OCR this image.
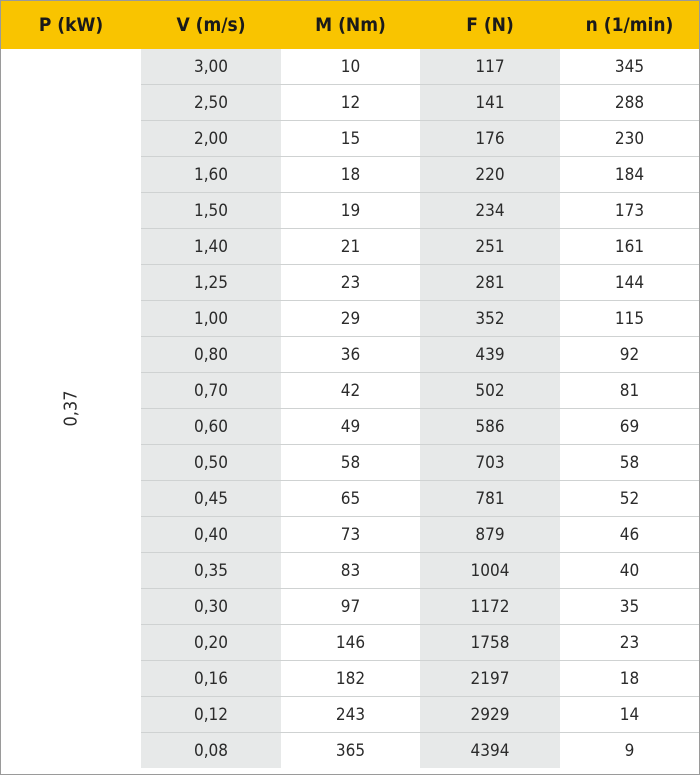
P (kW)	V (m/s)	M (Nm)	F (N)	n (1/min)
0,37	3,00	10	117	345
	2,50	12	141	288
	2,00	15	176	230
	1,60	18	220	184
	1,50	19	234	173
	1,40	21	251	161
	1,25	23	281	144
	1,00	29	352	115
	0,80	36	439	92
	0,70	42	502	81
	0,60	49	586	69
	0,50	58	703	58
	0,45	65	781	52
	0,40	73	879	46
	0,35	83	1004	40
	0,30	97	1172	35
	0,20	146	1758	23
	0,16	182	2197	18
	0,12	243	2929	14
	0,08	365	4394	9
